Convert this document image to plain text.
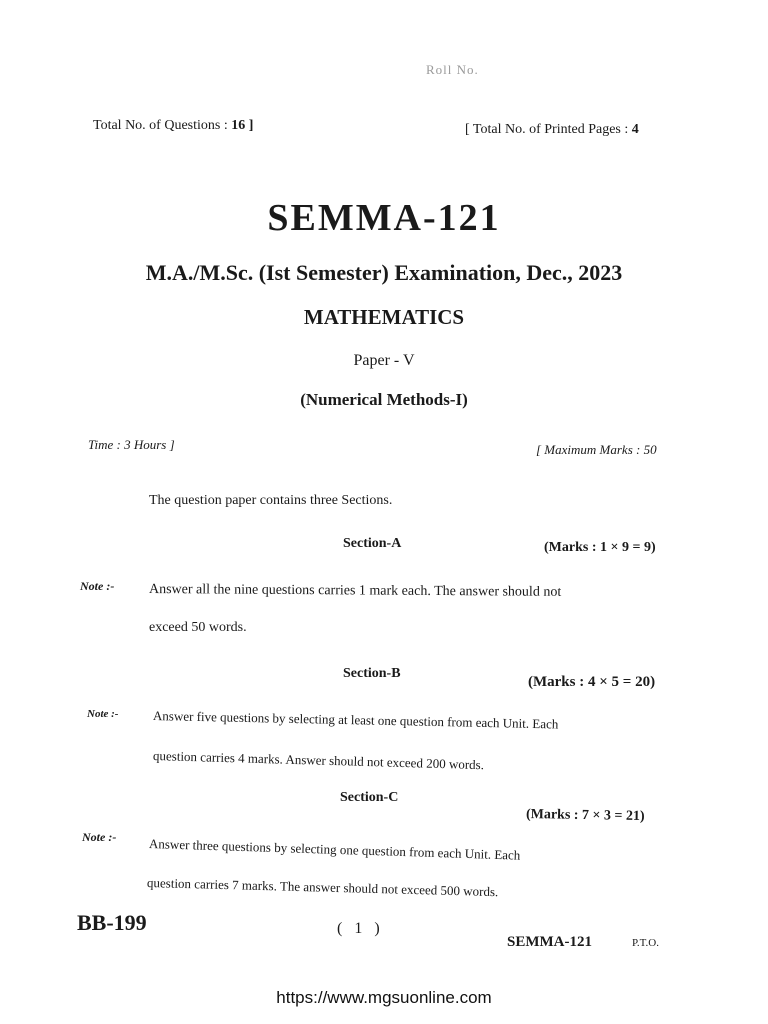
Roll No.
Total No. of Questions : 16 ]	[ Total No. of Printed Pages : 4
SEMMA-121
M.A./M.Sc. (Ist Semester) Examination, Dec., 2023
MATHEMATICS
Paper - V
(Numerical Methods-I)
Time : 3 Hours ]	[ Maximum Marks : 50
The question paper contains three Sections.
Section-A	(Marks : 1 × 9 = 9)
Note :- Answer all the nine questions carries 1 mark each. The answer should not
exceed 50 words.
Section-B
(Marks : 4 × 5 = 20)
Note :-	Answer five questions by selecting at least one question from each Unit. Each
question carries 4 marks. Answer should not exceed 200 words.
Section-C
(Marks : 7 × 3 = 21)
Note :- Answer three questions by selecting one question from each Unit. Each
question carries 7 marks. The answer should not exceed 500 words.
BB-199	( 1 )
SEMMA-121	P.T.O.
https://www.mgsuonline.com
